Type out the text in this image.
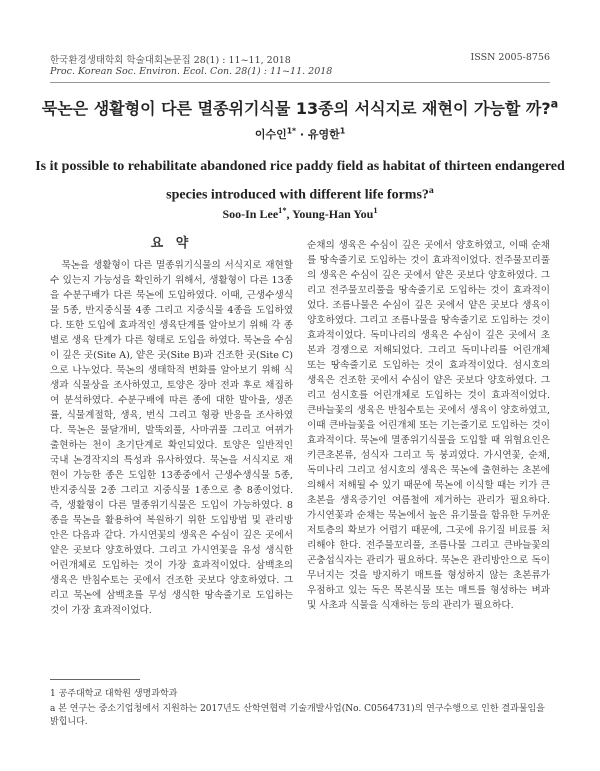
한국환경생태학회 학술대회논문집 28(1) : 11~11, 2018	ISSN 2005-8756
Proc. Korean Soc. Environ. Ecol. Con. 28(1) : 11~11. 2018
묵논은 생활형이 다른 멸종위기식물 13종의 서식지로 재현이 가능할 까?$^a$
이수인$^{1*}$ · 유영한$^1$
Is it possible to rehabilitate abandoned rice paddy field as habitat of thirteen endangered species introduced with different life forms?$^a$
Soo-In Lee$^{1*}$, Young-Han You$^1$
요 약

묵논을 생활형이 다른 멸종위기식물의 서식지로 재현할 수 있는지 가능성을 확인하기 위해서, 생활형이 다른 13종을 수분구배가 다른 묵논에 도입하였다. 이때, 근생수생식물 5종, 반지중식물 4종 그리고 지중식물 4종을 도입하였다. 또한 도입에 효과적인 생육단계를 알아보기 위해 각 종별로 생육 단계가 다른 형태로 도입을 하였다. 묵논을 수심이 깊은 곳(Site A), 얕은 곳(Site B)과 건조한 곳(Site C)으로 나누었다. 묵논의 생태학적 변화를 알아보기 위해 식생과 식물상을 조사하였고, 토양은 장마 전과 후로 채집하여 분석하였다. 수분구배에 따른 종에 대한 발아율, 생존률, 식물계절학, 생육, 번식 그리고 형광 반응을 조사하였다. 묵논은 물달개비, 발뚝외풀, 사마귀풀 그리고 여뀌가 출현하는 천이 초기단계로 확인되었다. 토양은 일반적인 국내 논경작지의 특성과 유사하였다. 묵논을 서식지로 재현이 가능한 종은 도입한 13종중에서 근생수생식물 5종, 반지중식물 2종 그리고 지중식물 1종으로 총 8종이었다. 즉, 생활형이 다른 멸종위기식물은 도입이 가능하였다. 8종을 묵논을 활용하여 복원하기 위한 도입방법 및 관리방안은 다음과 같다. 가시연꽃의 생육은 수심이 깊은 곳에서 얕은 곳보다 양호하였다. 그리고 가시연꽃을 유성 생식한 어린개체로 도입하는 것이 가장 효과적이었다. 삼백초의 생육은 반침수토는 곳에서 건조한 곳보다 양호하였다. 그리고 묵논에 삼백초를 무성 생식한 땅속줄기로 도입하는 것이 가장 효과적이었다.

순채의 생육은 수심이 깊은 곳에서 양호하였고, 이때 순채를 땅속줄기로 도입하는 것이 효과적이었다. 전주물꼬리풀의 생육은 수심이 깊은 곳에서 얕은 곳보다 양호하였다. 그리고 전주물꼬리풀을 땅속줄기로 도입하는 것이 효과적이었다. 조름나물은 수심이 깊은 곳에서 얕은 곳보다 생육이 양호하였다. 그리고 조름나물을 땅속줄기로 도입하는 것이 효과적이었다. 독미나리의 생육은 수심이 깊은 곳에서 초본과 경쟁으로 저해되었다. 그리고 독미나리를 어린개체 또는 땅속줄기로 도입하는 것이 효과적이었다. 섬시호의 생육은 건조한 곳에서 수심이 얕은 곳보다 양호하였다. 그리고 섬시호를 어린개체로 도입하는 것이 효과적이었다. 큰바늘꽃의 생육은 반침수토는 곳에서 생육이 양호하였고, 이때 큰바늘꽃을 어린개체 또는 기는줄기로 도입하는 것이 효과적이다. 묵논에 멸종위기식물을 도입할 때 위협요인은 키큰초본류, 섬식자 그리고 둑 붕괴였다. 가시연꽃, 순채, 독미나리 그리고 섬시호의 생육은 묵논에 출현하는 초본에 의해서 저해될 수 있기 때문에 묵논에 이식할 때는 키가 큰 초본을 생육증기인 여름철에 제거하는 관리가 필요하다. 가시연꽃과 순채는 묵논에서 높은 유기물을 함유한 두꺼운 저토층의 확보가 어렵기 때문에, 그곳에 유기질 비료를 처리해야 한다. 전주물꼬리풀, 조름나물 그리고 큰바늘꽃의 곤충섭식자는 관리가 필요하다. 묵논은 관리방안으로 독이 무너지는 것을 방지하기 매트를 형성하지 않는 초본류가 우점하고 있는 독은 목본식물 또는 매트를 형성하는 벼과 및 사초과 식물을 식재하는 등의 관리가 필요하다.

1 공주대학교 대학원 생명과학과
a 본 연구는 중소기업청에서 지원하는 2017년도 산학연협력 기술개발사업(No. C0564731)의 연구수행으로 인한 결과물임을 밝힙니다.
